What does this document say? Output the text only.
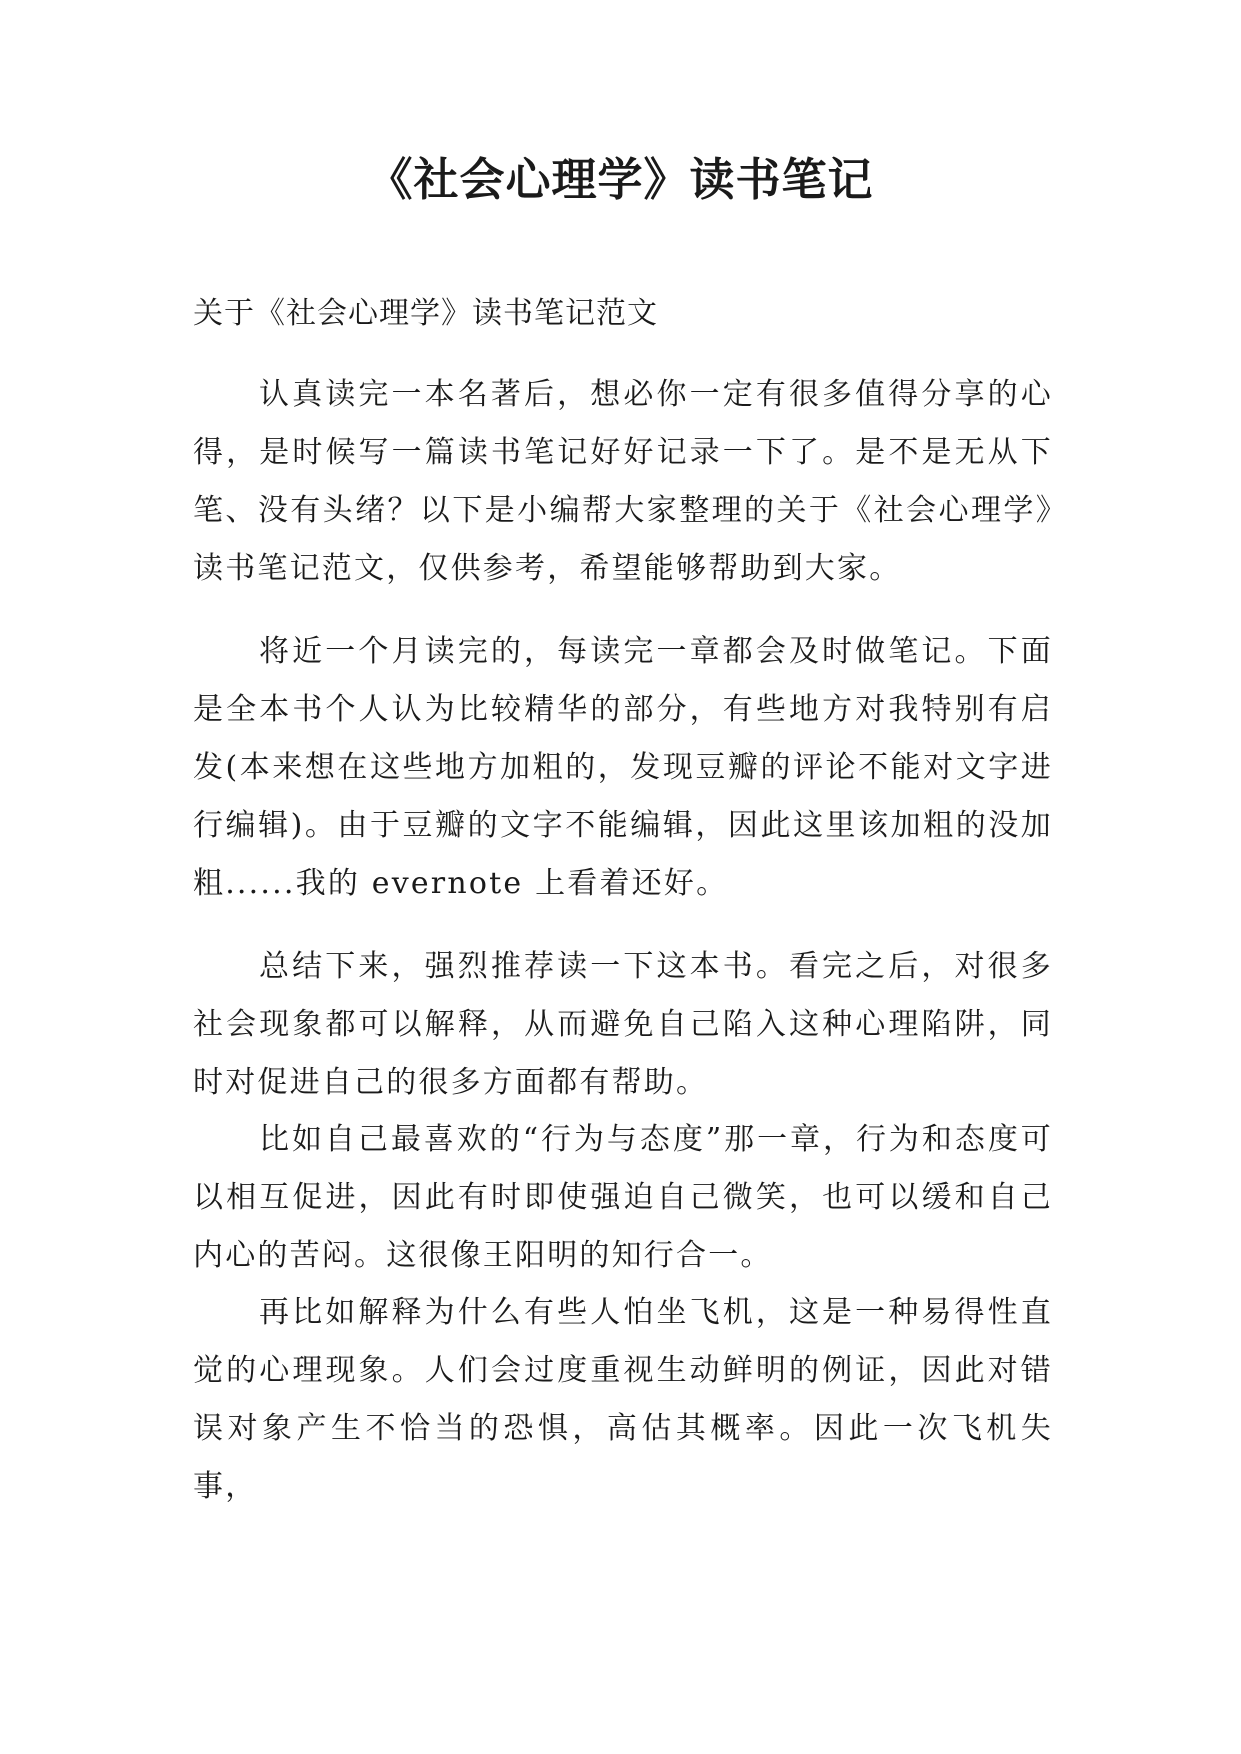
《社会心理学》读书笔记

关于《社会心理学》读书笔记范文

认真读完一本名著后，想必你一定有很多值得分享的心得，是时候写一篇读书笔记好好记录一下了。是不是无从下笔、没有头绪？以下是小编帮大家整理的关于《社会心理学》读书笔记范文，仅供参考，希望能够帮助到大家。

将近一个月读完的，每读完一章都会及时做笔记。下面是全本书个人认为比较精华的部分，有些地方对我特别有启发(本来想在这些地方加粗的，发现豆瓣的评论不能对文字进行编辑)。由于豆瓣的文字不能编辑，因此这里该加粗的没加粗......我的 evernote 上看着还好。

总结下来，强烈推荐读一下这本书。看完之后，对很多社会现象都可以解释，从而避免自己陷入这种心理陷阱，同时对促进自己的很多方面都有帮助。

比如自己最喜欢的“行为与态度”那一章，行为和态度可以相互促进，因此有时即使强迫自己微笑，也可以缓和自己内心的苦闷。这很像王阳明的知行合一。

再比如解释为什么有些人怕坐飞机，这是一种易得性直觉的心理现象。人们会过度重视生动鲜明的例证，因此对错误对象产生不恰当的恐惧，高估其概率。因此一次飞机失事，
